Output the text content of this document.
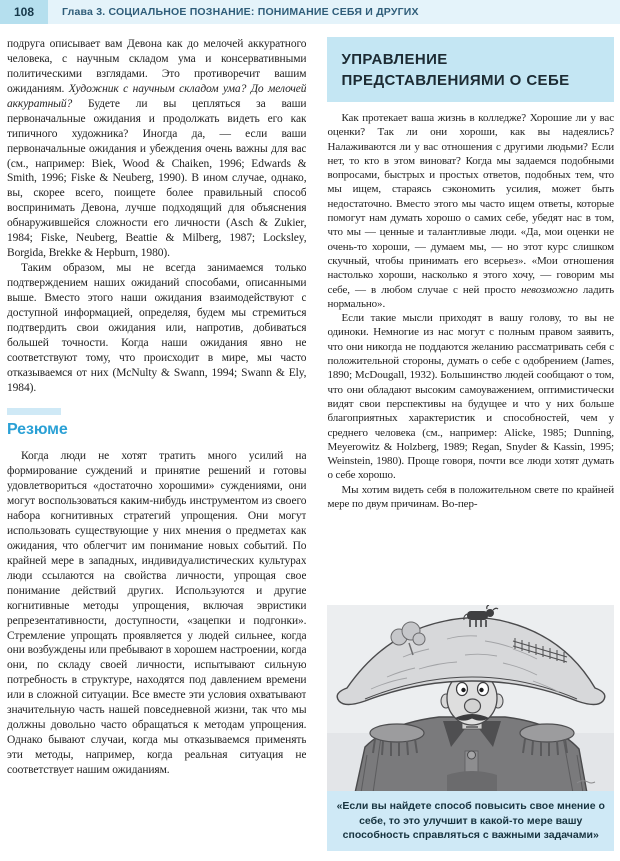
108	Глава 3. СОЦИАЛЬНОЕ ПОЗНАНИЕ: ПОНИМАНИЕ СЕБЯ И ДРУГИХ

подруга описывает вам Девона как до мелочей аккуратного человека, с научным складом ума и консервативными политическими взглядами. Это противоречит вашим ожиданиям. Художник с научным складом ума? До мелочей аккуратный? Будете ли вы цепляться за ваши первоначальные ожидания и продолжать видеть его как типичного художника? Иногда да, — если ваши первоначальные ожидания и убеждения очень важны для вас (см., например: Biek, Wood & Chaiken, 1996; Edwards & Smith, 1996; Fiske & Neuberg, 1990). В ином случае, однако, вы, скорее всего, поищете более правильный способ воспринимать Девона, лучше подходящий для объяснения обнаружившейся сложности его личности (Asch & Zukier, 1984; Fiske, Neuberg, Beattie & Milberg, 1987; Locksley, Borgida, Brekke & Hepburn, 1980).

Таким образом, мы не всегда занимаемся только подтверждением наших ожиданий способами, описанными выше. Вместо этого наши ожидания взаимодействуют с доступной информацией, определяя, будем мы стремиться подтвердить свои ожидания или, напротив, добиваться большей точности. Когда наши ожидания явно не соответствуют тому, что происходит в мире, мы часто отказываемся от них (McNulty & Swann, 1994; Swann & Ely, 1984).

Резюме

Когда люди не хотят тратить много усилий на формирование суждений и принятие решений и готовы удовлетвориться «достаточно хорошими» суждениями, они могут воспользоваться каким-нибудь инструментом из своего набора когнитивных стратегий упрощения. Они могут использовать существующие у них мнения о предметах как ожидания, что облегчит им понимание новых событий. По крайней мере в западных, индивидуалистических культурах люди ссылаются на свойства личности, упрощая свое понимание действий других. Используются и другие когнитивные методы упрощения, включая эвристики репрезентативности, доступности, «зацепки и подгонки». Стремление упрощать проявляется у людей сильнее, когда они возбуждены или пребывают в хорошем настроении, когда они, по складу своей личности, испытывают сильную потребность в структуре, находятся под давлением времени или в сложной ситуации. Все вместе эти условия охватывают значительную часть нашей повседневной жизни, так что мы должны довольно часто обращаться к методам упрощения. Однако бывают случаи, когда мы отказываемся применять эти методы, например, когда реальная ситуация не соответствует нашим ожиданиям.

УПРАВЛЕНИЕ
ПРЕДСТАВЛЕНИЯМИ О СЕБЕ

Как протекает ваша жизнь в колледже? Хорошие ли у вас оценки? Так ли они хороши, как вы надеялись? Налаживаются ли у вас отношения с другими людьми? Если нет, то кто в этом виноват? Когда мы задаемся подобными вопросами, быстрых и простых ответов, подобных тем, что мы ищем, стараясь сэкономить усилия, может быть недостаточно. Вместо этого мы часто ищем ответы, которые помогут нам думать хорошо о самих себе, убедят нас в том, что мы — ценные и талантливые люди. «Да, мои оценки не очень-то хороши, — думаем мы, — но этот курс слишком скучный, чтобы принимать его всерьез». «Мои отношения настолько хороши, насколько я этого хочу, — говорим мы себе, — в любом случае с ней просто невозможно ладить нормально».

Если такие мысли приходят в вашу голову, то вы не одиноки. Немногие из нас могут с полным правом заявить, что они никогда не поддаются желанию рассматривать себя с положительной стороны, думать о себе с одобрением (James, 1890; McDougall, 1932). Большинство людей сообщают о том, что они обладают высоким самоуважением, оптимистически видят свои перспективы на будущее и что у них больше благоприятных характеристик и способностей, чем у среднего человека (см., например: Alicke, 1985; Dunning, Meyerowitz & Holzberg, 1989; Regan, Snyder & Kassin, 1995; Weinstein, 1980). Проще говоря, почти все люди хотят думать о себе хорошо.

Мы хотим видеть себя в положительном свете по крайней мере по двум причинам. Во-пер-

«Если вы найдете способ повысить свое мнение о себе, то это улучшит в какой-то мере вашу способность справляться с важными задачами»
